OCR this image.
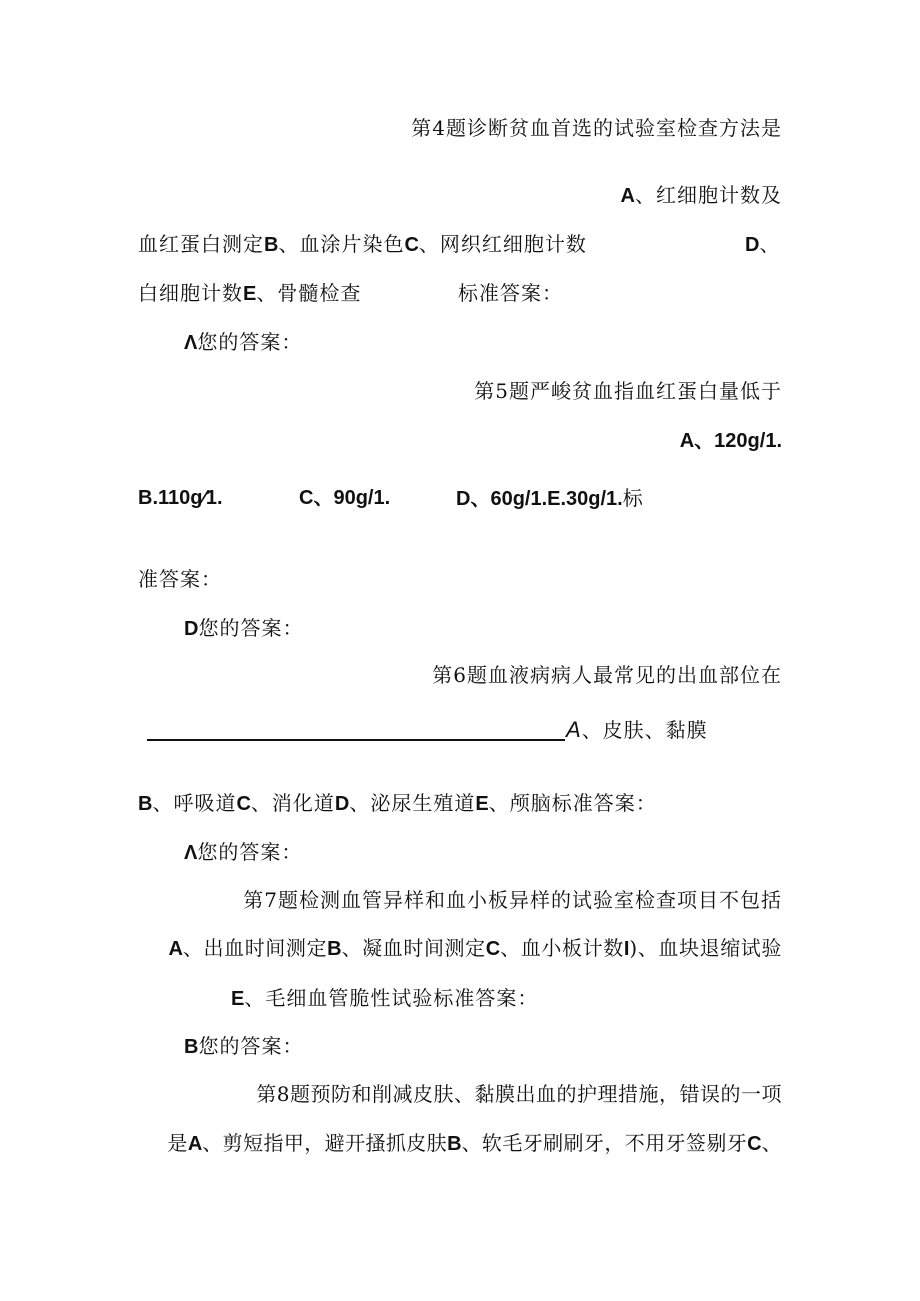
第4题诊断贫血首选的试验室检查方法是
A、红细胞计数及
血红蛋白测定B、血涂片染色C、网织红细胞计数	D、
白细胞计数E、骨髓检查	标准答案：
Λ您的答案：
第5题严峻贫血指血红蛋白量低于
A、120g/1.
B.110g⁄1.	C、90g/1.	D、60g/1.E.30g/1.标
准答案：
D您的答案：
第6题血液病病人最常见的出血部位在
A、皮肤、黏膜
B、呼吸道C、消化道D、泌尿生殖道E、颅脑标准答案：
Λ您的答案：
第7题检测血管异样和血小板异样的试验室检查项目不包括
A、出血时间测定B、凝血时间测定C、血小板计数I)、血块退缩试验
E、毛细血管脆性试验标准答案：
B您的答案：
第8题预防和削减皮肤、黏膜出血的护理措施，错误的一项
是A、剪短指甲，避开搔抓皮肤B、软毛牙刷刷牙，不用牙签剔牙C、
